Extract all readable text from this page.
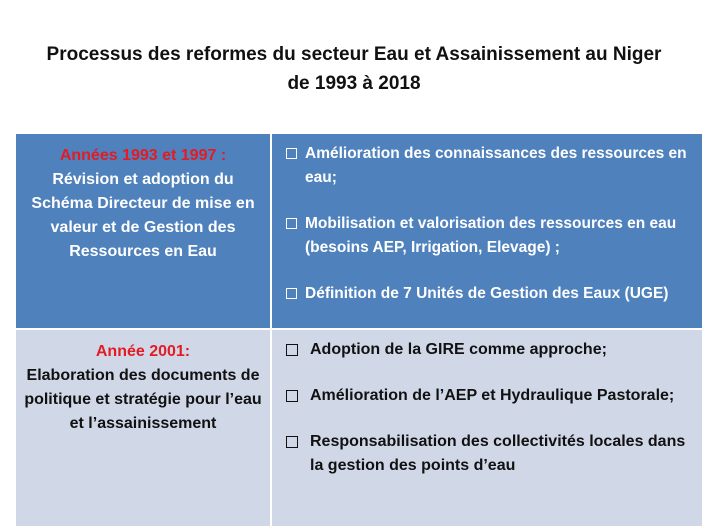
Processus des reformes du secteur Eau et Assainissement au Niger
de 1993 à 2018
Années 1993 et 1997 :
Révision et adoption du Schéma Directeur de mise en valeur et de Gestion des Ressources en Eau
Amélioration des connaissances des ressources en eau;
Mobilisation et valorisation des ressources en eau (besoins AEP, Irrigation, Elevage) ;
Définition de 7 Unités de Gestion des Eaux (UGE)
Année 2001:
Elaboration des documents de politique et stratégie pour l’eau et l’assainissement
Adoption de la GIRE comme approche;
Amélioration de l’AEP et Hydraulique Pastorale;
Responsabilisation des collectivités locales dans la gestion des points d’eau
